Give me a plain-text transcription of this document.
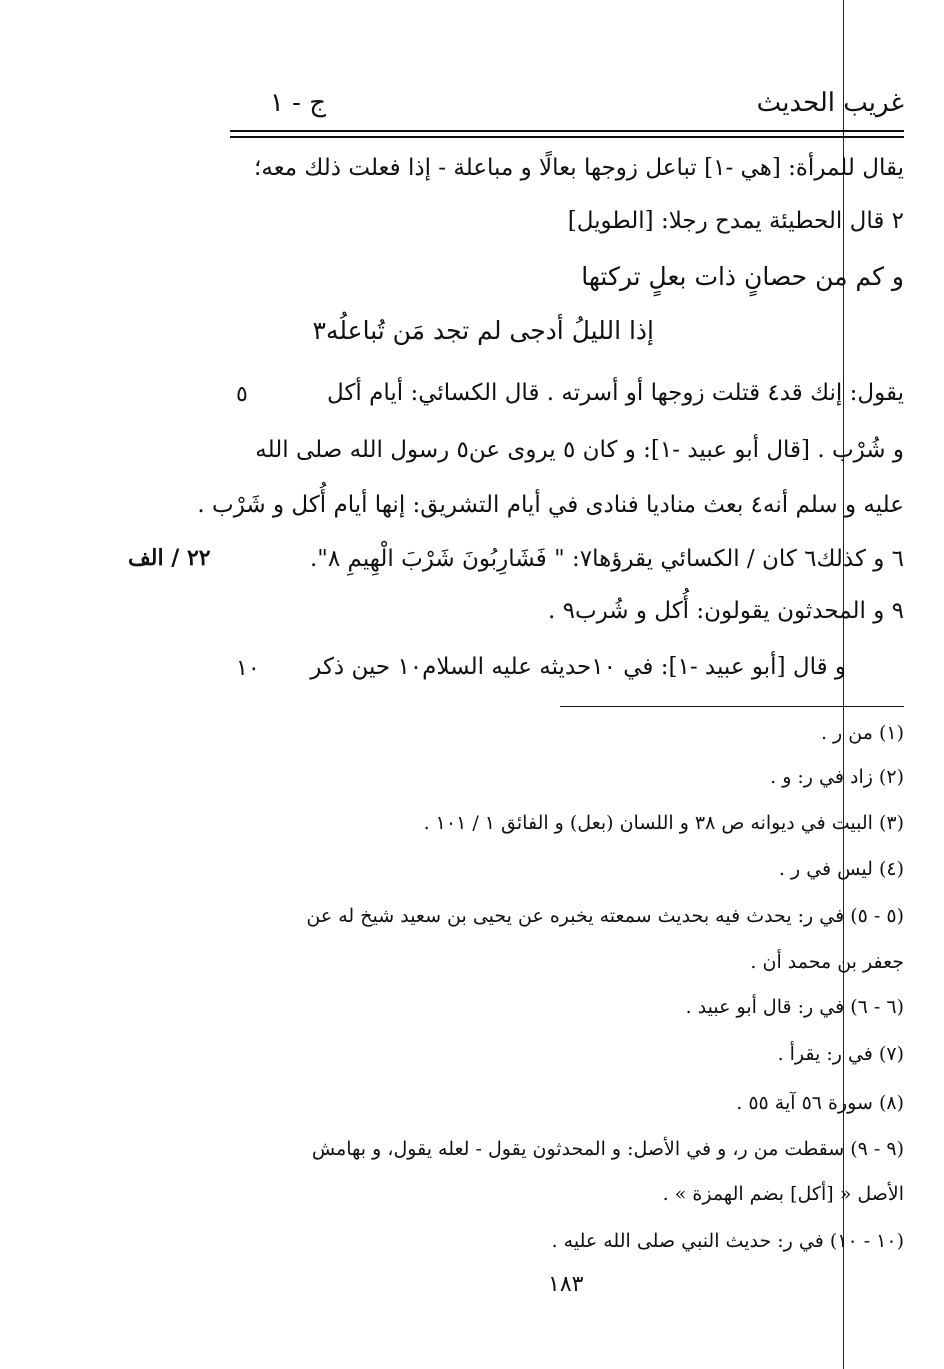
غريب الحديث
ج - ١
يقال للمرأة: [هي -١] تباعل زوجها بعالًا و مباعلة - إذا فعلت ذلك معه؛
٢ قال الحطيئة يمدح رجلا: [الطويل]
و كم من حصانٍ ذات بعلٍ تركتها
إذا الليلُ أدجى لم تجد مَن تُباعلُه٣
يقول: إنك قد٤ قتلت زوجها أو أسرته . قال الكسائي: أيام أكل
و شُرْب . [قال أبو عبيد -١]: و كان ٥ يروى عن٥ رسول الله صلى الله
عليه و سلم أنه٤ بعث مناديا فنادى في أيام التشريق: إنها أيام أُكل و شَرْب .
٦ و كذلك٦ كان / الكسائي يقرؤها٧: " فَشَارِبُونَ شَرْبَ الْهِيمِ ٨".
٩ و المحدثون يقولون: أُكل و شُرب٩ .
و قال [أبو عبيد -١]: في ١٠حديثه عليه السلام١٠ حين ذكر
٥
١٠
٢٢ / الف
(١) من ر .
(٢) زاد في ر: و .
(٣) البيت في ديوانه ص ٣٨ و اللسان (بعل) و الفائق ١ / ١٠١ .
(٤) ليس في ر .
(٥ - ٥) في ر: يحدث فيه بحديث سمعته يخبره عن يحيى بن سعيد شيخ له عن
جعفر بن محمد أن .
(٦ - ٦) في ر: قال أبو عبيد .
(٧) في ر: يقرأ .
(٨) سورة ٥٦ آية ٥٥ .
(٩ - ٩) سقطت من ر، و في الأصل: و المحدثون يقول - لعله يقول، و بهامش
الأصل « [أكل] بضم الهمزة » .
(١٠ - ١٠) في ر: حديث النبي صلى الله عليه .
١٨٣
